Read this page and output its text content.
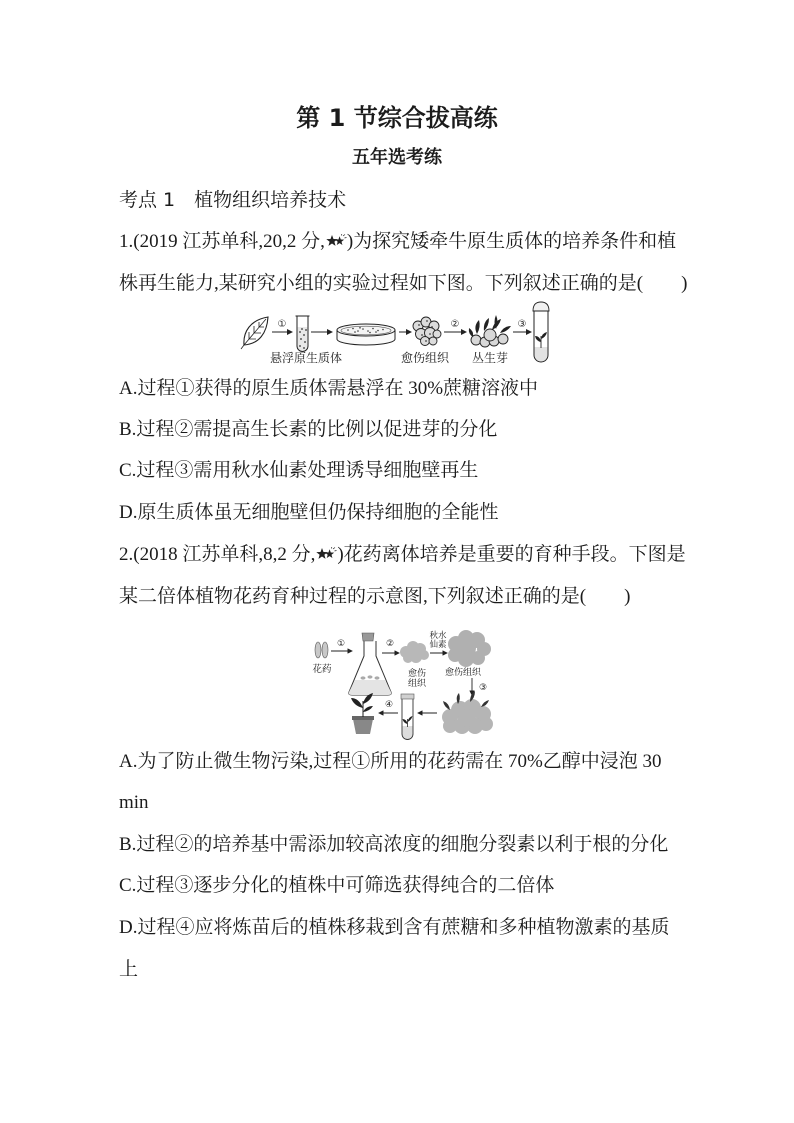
第 1 节综合拔高练
五年选考练
考点 1　植物组织培养技术
1.(2019 江苏单科,20,2 分, )为探究矮牵牛原生质体的培养条件和植
株再生能力,某研究小组的实验过程如下图。下列叙述正确的是(　　)
①	②	③
悬浮原生质体	愈伤组织 丛生芽
A.过程①获得的原生质体需悬浮在 30%蔗糖溶液中
B.过程②需提高生长素的比例以促进芽的分化
C.过程③需用秋水仙素处理诱导细胞壁再生
D.原生质体虽无细胞壁但仍保持细胞的全能性
2.(2018 江苏单科,8,2 分, )花药离体培养是重要的育种手段。下图是
某二倍体植物花药育种过程的示意图,下列叙述正确的是(　　)
花药
①	②
愈伤
组织
秋水
仙素
愈伤组织
③
④
A.为了防止微生物污染,过程①所用的花药需在 70%乙醇中浸泡 30
min
B.过程②的培养基中需添加较高浓度的细胞分裂素以利于根的分化
C.过程③逐步分化的植株中可筛选获得纯合的二倍体
D.过程④应将炼苗后的植株移栽到含有蔗糖和多种植物激素的基质
上
